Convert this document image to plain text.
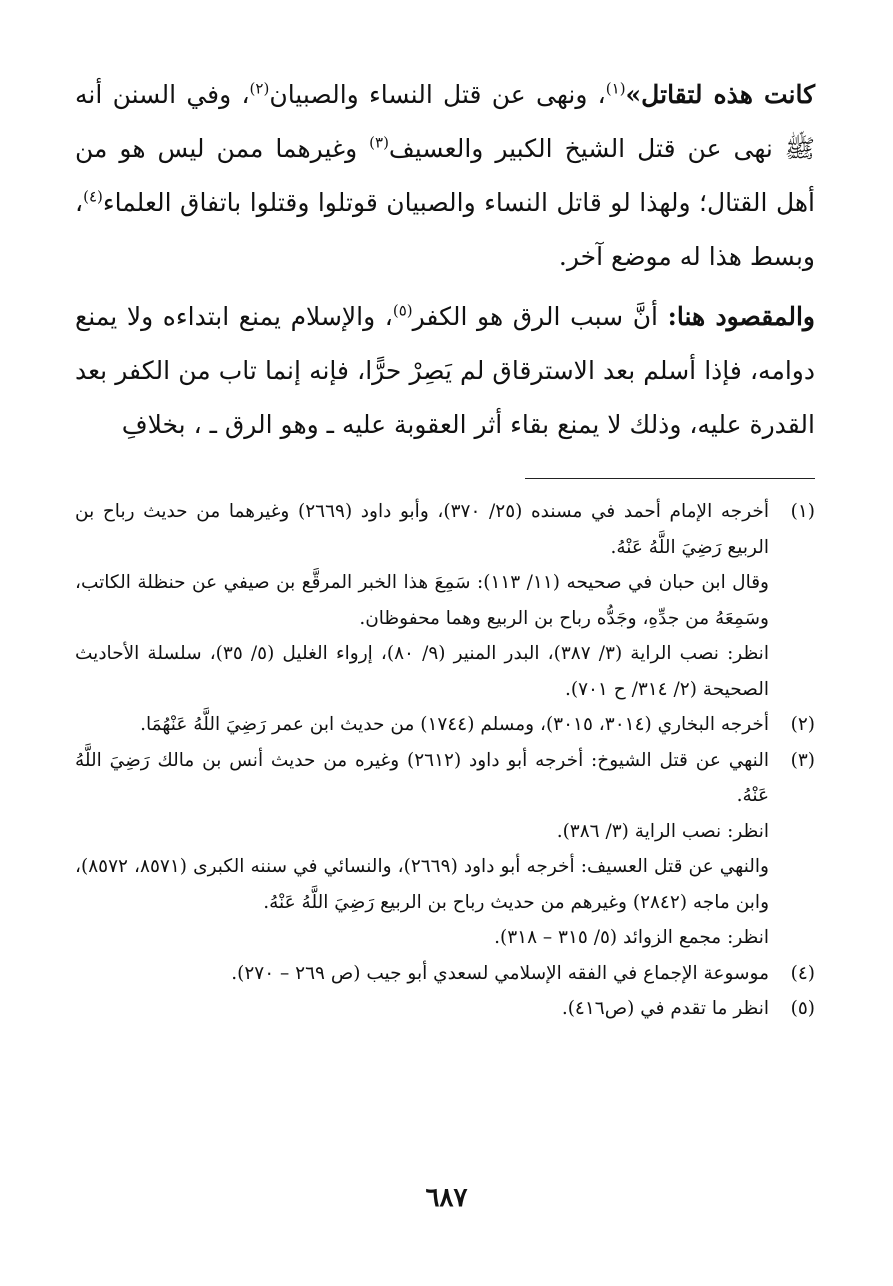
كانت هذه لتقاتل»$^{(١)}$، ونهى عن قتل النساء والصبيان$^{(٢)}$، وفي السنن أنه ﷺ نهى عن قتل الشيخ الكبير والعسيف$^{(٣)}$ وغيرهما ممن ليس هو من أهل القتال؛ ولهذا لو قاتل النساء والصبيان قوتلوا وقتلوا باتفاق العلماء$^{(٤)}$، وبسط هذا له موضع آخر.

والمقصود هنا: أنَّ سبب الرق هو الكفر$^{(٥)}$، والإسلام يمنع ابتداءه ولا يمنع دوامه، فإذا أسلم بعد الاسترقاق لم يَصِرْ حرًّا، فإنه إنما تاب من الكفر بعد القدرة عليه، وذلك لا يمنع بقاء أثر العقوبة عليه ـ وهو الرق ـ ، بخلافِ

(١)

أخرجه الإمام أحمد في مسنده (٢٥/ ٣٧٠)، وأبو داود (٢٦٦٩) وغيرهما من حديث رباح بن الربيع رَضِيَ اللَّهُ عَنْهُ.

وقال ابن حبان في صحيحه (١١/ ١١٣): سَمِعَ هذا الخبر المرقَّع بن صيفي عن حنظلة الكاتب، وسَمِعَهُ من جدِّهِ، وجَدُّه رباح بن الربيع وهما محفوظان.

انظر: نصب الراية (٣/ ٣٨٧)، البدر المنير (٩/ ٨٠)، إرواء الغليل (٥/ ٣٥)، سلسلة الأحاديث الصحيحة (٢/ ٣١٤/ ح ٧٠١).

(٢)

أخرجه البخاري (٣٠١٤، ٣٠١٥)، ومسلم (١٧٤٤) من حديث ابن عمر رَضِيَ اللَّهُ عَنْهُمَا.

(٣)

النهي عن قتل الشيوخ: أخرجه أبو داود (٢٦١٢) وغيره من حديث أنس بن مالك رَضِيَ اللَّهُ عَنْهُ.

انظر: نصب الراية (٣/ ٣٨٦).

والنهي عن قتل العسيف: أخرجه أبو داود (٢٦٦٩)، والنسائي في سننه الكبرى (٨٥٧١، ٨٥٧٢)، وابن ماجه (٢٨٤٢) وغيرهم من حديث رباح بن الربيع رَضِيَ اللَّهُ عَنْهُ.

انظر: مجمع الزوائد (٥/ ٣١٥ – ٣١٨).

(٤)

موسوعة الإجماع في الفقه الإسلامي لسعدي أبو جيب (ص ٢٦٩ – ٢٧٠).

(٥)

انظر ما تقدم في (ص٤١٦).

٦٨٧
